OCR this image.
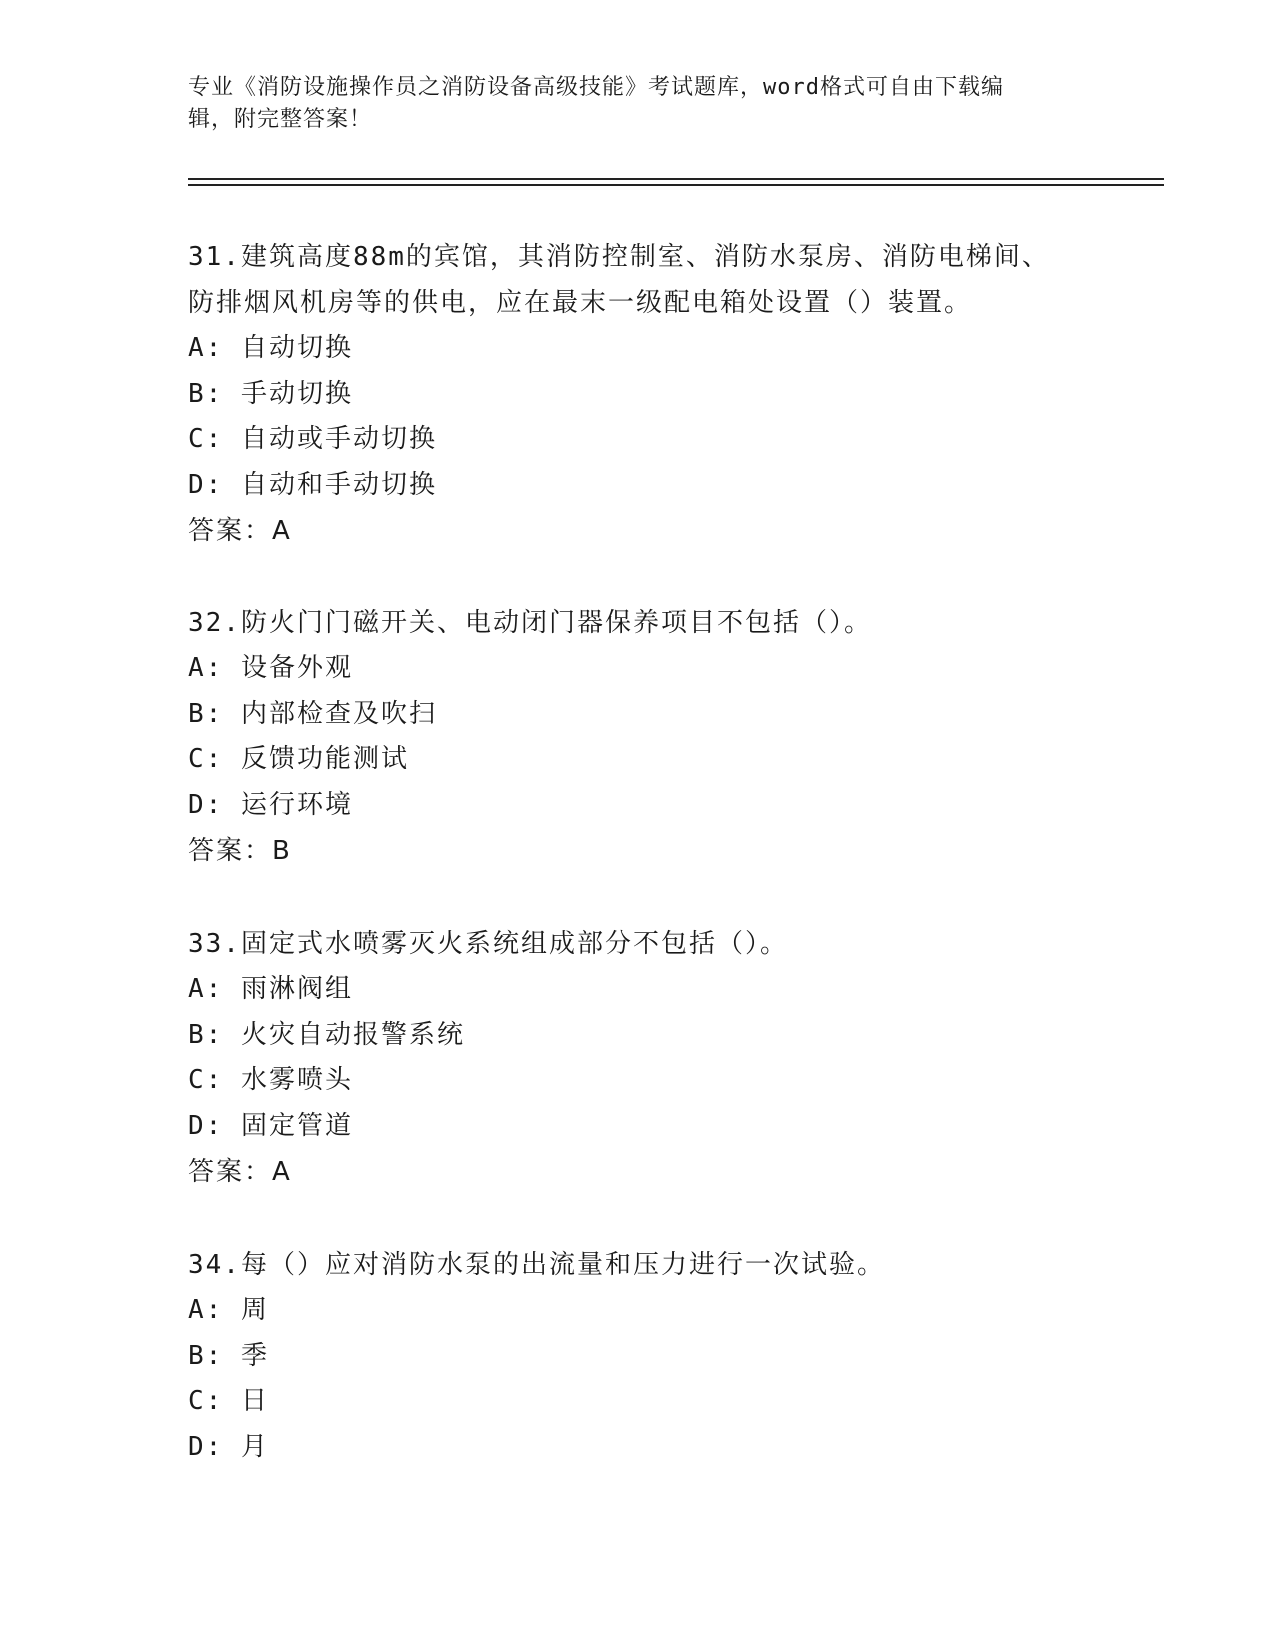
专业《消防设施操作员之消防设备高级技能》考试题库，word格式可自由下载编
辑，附完整答案！
31.建筑高度88m的宾馆，其消防控制室、消防水泵房、消防电梯间、
防排烟风机房等的供电，应在最末一级配电箱处设置（）装置。
A: 自动切换
B: 手动切换
C: 自动或手动切换
D: 自动和手动切换
答案：A
32.防火门门磁开关、电动闭门器保养项目不包括（）。
A: 设备外观
B: 内部检查及吹扫
C: 反馈功能测试
D: 运行环境
答案：B
33.固定式水喷雾灭火系统组成部分不包括（）。
A: 雨淋阀组
B: 火灾自动报警系统
C: 水雾喷头
D: 固定管道
答案：A
34.每（）应对消防水泵的出流量和压力进行一次试验。
A: 周
B: 季
C: 日
D: 月
